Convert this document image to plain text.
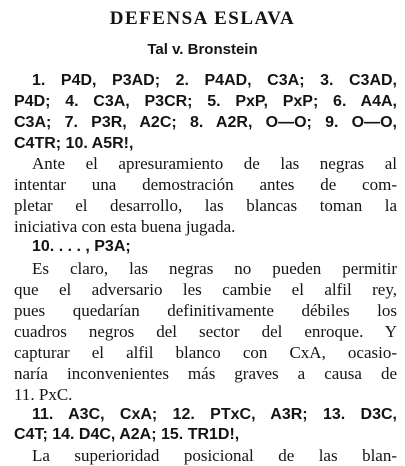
DEFENSA ESLAVA
Tal v. Bronstein
1. P4D, P3AD; 2. P4AD, C3A; 3. C3AD,
P4D; 4. C3A, P3CR; 5. PxP, PxP; 6. A4A,
C3A; 7. P3R, A2C; 8. A2R, O—O; 9. O—O,
C4TR; 10. A5R!,
Ante el apresuramiento de las negras al
intentar una demostración antes de com-
pletar el desarrollo, las blancas toman la
iniciativa con esta buena jugada.
10. . . . , P3A;
Es claro, las negras no pueden permitir
que el adversario les cambie el alfil rey,
pues quedarían definitivamente débiles los
cuadros negros del sector del enroque. Y
capturar el alfil blanco con CxA, ocasio-
naría inconvenientes más graves a causa de
11. PxC.
11. A3C, CxA; 12. PTxC, A3R; 13. D3C,
C4T; 14. D4C, A2A; 15. TR1D!,
La superioridad posicional de las blan-
